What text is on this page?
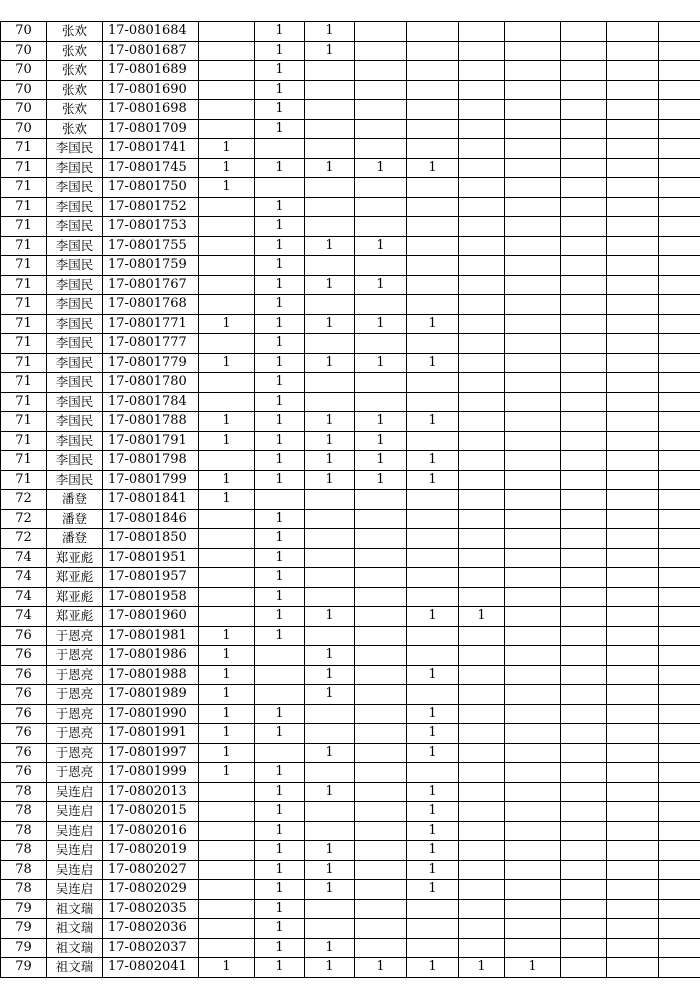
70	张欢	17-0801684		1	1							
70	张欢	17-0801687		1	1							
70	张欢	17-0801689		1								
70	张欢	17-0801690		1								
70	张欢	17-0801698		1								
70	张欢	17-0801709		1								
71	李国民	17-0801741	1									
71	李国民	17-0801745	1	1	1	1	1					
71	李国民	17-0801750	1									
71	李国民	17-0801752		1								
71	李国民	17-0801753		1								
71	李国民	17-0801755		1	1	1						
71	李国民	17-0801759		1								
71	李国民	17-0801767		1	1	1						
71	李国民	17-0801768		1								
71	李国民	17-0801771	1	1	1	1	1					
71	李国民	17-0801777		1								
71	李国民	17-0801779	1	1	1	1	1					
71	李国民	17-0801780		1								
71	李国民	17-0801784		1								
71	李国民	17-0801788	1	1	1	1	1					
71	李国民	17-0801791	1	1	1	1						
71	李国民	17-0801798		1	1	1	1					
71	李国民	17-0801799	1	1	1	1	1					
72	潘登	17-0801841	1									
72	潘登	17-0801846		1								
72	潘登	17-0801850		1								
74	郑亚彪	17-0801951		1								
74	郑亚彪	17-0801957		1								
74	郑亚彪	17-0801958		1								
74	郑亚彪	17-0801960		1	1		1	1				
76	于恩亮	17-0801981	1	1								
76	于恩亮	17-0801986	1		1							
76	于恩亮	17-0801988	1		1		1					
76	于恩亮	17-0801989	1		1							
76	于恩亮	17-0801990	1	1			1					
76	于恩亮	17-0801991	1	1			1					
76	于恩亮	17-0801997	1		1		1					
76	于恩亮	17-0801999	1	1								
78	吴连启	17-0802013		1	1		1					
78	吴连启	17-0802015		1			1					
78	吴连启	17-0802016		1			1					
78	吴连启	17-0802019		1	1		1					
78	吴连启	17-0802027		1	1		1					
78	吴连启	17-0802029		1	1		1					
79	祖文瑞	17-0802035		1								
79	祖文瑞	17-0802036		1								
79	祖文瑞	17-0802037		1	1							
79	祖文瑞	17-0802041	1	1	1	1	1	1	1			
